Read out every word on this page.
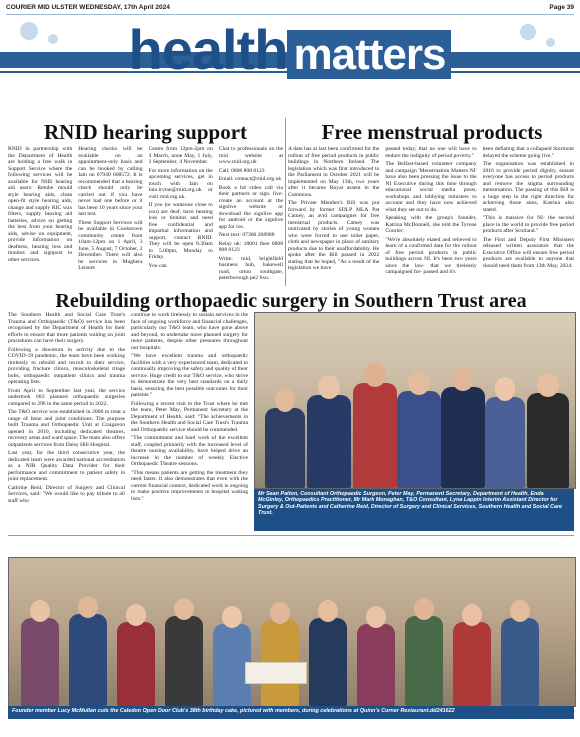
COURIER MID ULSTER WEDNESDAY, 17th April 2024	Page 39
health matters
RNID hearing support

RNID in partnership with the Department of Health are holding a free walk in Support Service where the following services will be available for NHS hearing aid users: Retube mould style hearing aids, clean open-fit style hearing aids, change and supply RIC wax filters, supply hearing aid batteries, advice on getting the best from your hearing aids, advise on equipment, provide information on deafness, hearing loss and tinnitus and signpost to other services.

Hearing checks will be available on an appointment-only basis and can be booked by calling Iain on 07940 608572. It is recommended that a hearing check should only be carried out if you have never had one before or it has been 10 years since your last test.

These Support Services will be available in Cookstown community centre from 10am-12pm on 1 April, 3 June, 5 August, 7 October, 2 December. There will also be services in Maghera Leisure

Centre from 12pm-2pm on 4 March, none May, 1 July, 2 September, 4 November.

For more information on the upcoming services, get in touch with Iain on Iain.irvine@rnid.org.uk or visit rnid.org.uk.

If you (or someone close to you) are deaf, have hearing loss or tinnitus and need free confidential and impartial information and support, contact RNID. They will be open 8.30am to 5.00pm, Monday to Friday.

You can

Chat to professionals on the rnid website at www.rnid.org.uk

Call: 0808 808 0123

Email: contact@rnid.org.uk

Book a bd video call via their partners or sign. live: create an account at the signlive website or download the signlive app for android or the signlive app for ios.

Next text: 07360 268988

Relay uk: 18001 then 0808 808 0123

Write: rnid, brightfield business hub, bakewell road, orton southgate, peterborough pe2 6xu.

Free menstrual products

A date has at last been confirmed for the rollout of free period products in public buildings in Northern Ireland. The legislation which was first introduced to the Parliament in October 2021 will be implemented on May 13th, two years after it became Royal assent in the Commons.

The Private Member's Bill was put forward by former SDLP MLA Pat Catney, an avid campaigner for free menstrual products. Catney was motivated by stories of young women who were forced to use toilet paper, cloth and newspaper in place of sanitary products due to their unaffordability. He spoke after the Bill passed in 2022 stating that he hoped, "As a result of the legislation we have

passed today, that no one will have to endure the indignity of period poverty."

The Belfast-based volunteer company and campaign 'Menstruation Matters NI' have also been pressing the issue to the NI Executive during this time through educational social media posts, workshops and lobbying ministers to account and they have now achieved what they set out to do.

Speaking with the group's founder, Katrina McDonnell, she told the Tyrone Courier:

"We're absolutely elated and relieved to learn of a confirmed date for the rollout of free period products in public buildings across NI. It's been two years since the law- that we tirelessly campaigned for- passed and it's

been deflating that a collapsed Stormont delayed the scheme going live."

The organisation was established in 2016 to provide period dignity, ensure everyone has access to period products and remove the stigma surrounding menstruation. The passing of this Bill is a huge step in the right direction for achieving those aims, Katrina also stated.

"This is massive for NI- the second place in the world to provide free period products after Scotland."

The First and Deputy First Ministers released written assurance that the Executive Office will ensure free period products are available to anyone that should need them from 13th May, 2024.

Rebuilding orthopaedic surgery in Southern Trust area

The Southern Health and Social Care Trust's Trauma and Orthopaedic (T&O) service has been recognised by the Department of Health for their efforts to ensure that more patients waiting on joint procedures can have their surgery.

Following a downturn in activity due to the COVID-19 pandemic, the team have been working tirelessly to rebuild and recruit to their service, providing fracture clinics, musculoskeletal triage hubs, orthopaedic outpatient clinics and trauma operating lists.

From April to September last year, the service undertook 683 planned orthopaedic surgeries compared to 296 in the same period in 2022.

The T&O service was established in 2008 to treat a range of bone and joint conditions. The purpose built Trauma and Orthopaedic Unit at Craigavon opened in 2010, including dedicated theatres, recovery areas and ward space. The team also offers outpatients services from Daisy Hill Hospital.

Last year, for the third consecutive year, the dedicated team were awarded national accreditation as a NJR Quality Data Provider for their performance and commitment to patient safety in joint replacement.

Cathrine Reid, Director of Surgery and Clinical Services, said: "We would like to pay tribute to all staff who

continue to work tirelessly to sustain services in the face of ongoing workforce and financial challenges, particularly our T&O team, who have gone above and beyond, to undertake more planned surgery for more patients, despite other pressures throughout our hospitals.

"We have excellent trauma and orthopaedic facilities with a very experienced team, dedicated to continually improving the safety and quality of their service. Huge credit to our T&O service, who strive to demonstrate the very best standards on a daily basis, ensuring the best possible outcomes for their patients."

Following a recent visit to the Trust where he met the team, Peter May, Permanent Secretary at the Department of Health, said: "The achievements in the Southern Health and Social Care Trust's Trauma and Orthopaedic service should be commended.

"The commitment and hard work of the excellent staff, coupled primarily with the increased level of theatre nursing availability, have helped drive an increase in the number of weekly Elective Orthopaedic Theatre sessions.

"This means patients are getting the treatment they need faster. It also demonstrates that even with the current financial context, dedicated work is ongoing to make positive improvements in hospital waiting lists."

Mr Sean Patton, Consultant Orthopaedic Surgeon, Peter May, Permanent Secretary, Department of Health, Enda McGinley, Orthopaedics Practitioner, Mr Mark Monaghan, T&O Consultant, Lyna Lappin Interim Assistant Director for Surgery & Out-Patients and Catherine Reid, Director of Surgery and Clinical Services, Southern Health and Social Care Trust.
Founder member Lucy McMullan cuts the Caledon Open Door Club's 38th birthday cake, pictured with members, during celebrations at Quinn's Corner Restaurant.dd241622
